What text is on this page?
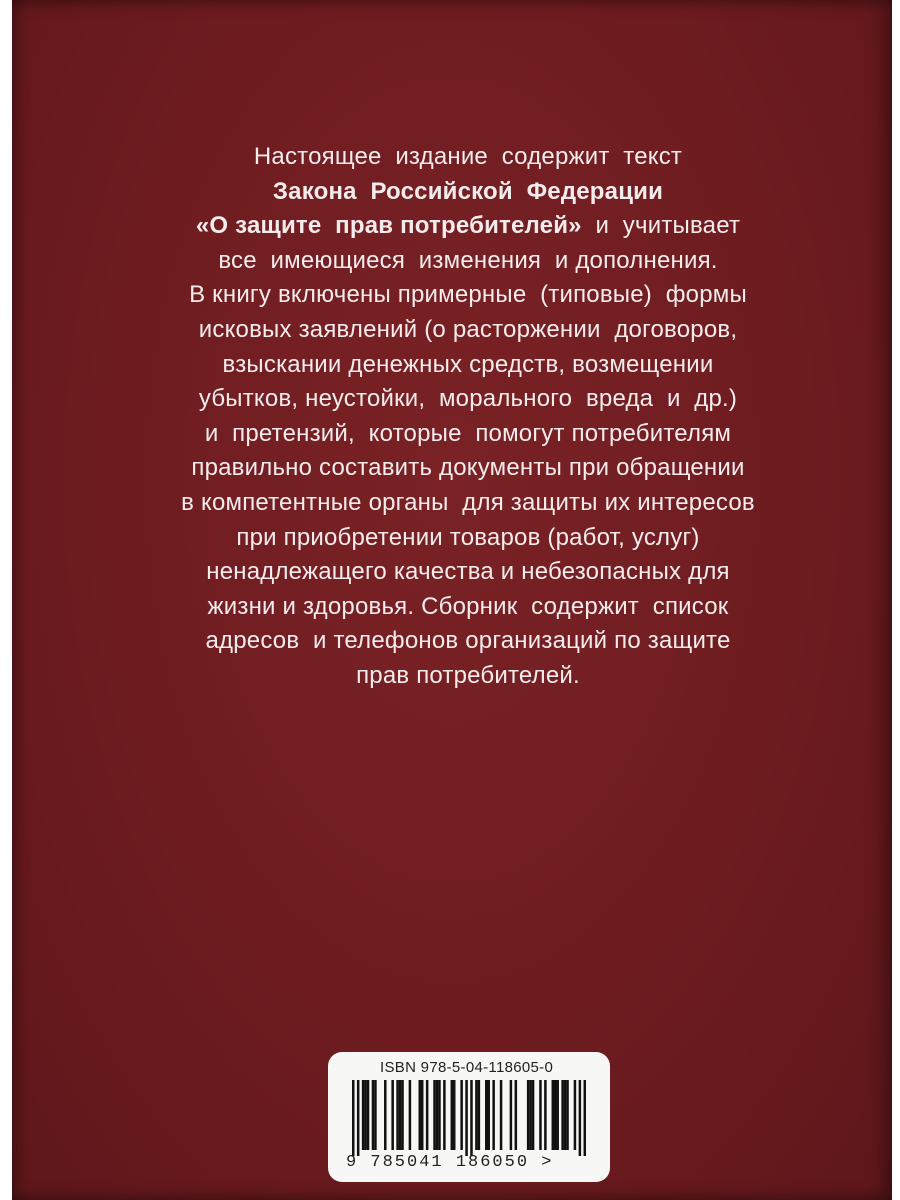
Настоящее  издание  содержит  текст
Закона  Российской  Федерации
«О защите  прав потребителей»  и  учитывает
все  имеющиеся  изменения  и дополнения.
В книгу включены примерные  (типовые)  формы
исковых заявлений (о расторжении  договоров,
взыскании денежных средств, возмещении
убытков, неустойки,  морального  вреда  и  др.)
и  претензий,  которые  помогут потребителям
правильно составить документы при обращении
в компетентные органы  для защиты их интересов
при приобретении товаров (работ, услуг)
ненадлежащего качества и небезопасных для
жизни и здоровья. Сборник  содержит  список
адресов  и телефонов организаций по защите
прав потребителей.
ISBN 978-5-04-118605-0
9 785041 186050 >
